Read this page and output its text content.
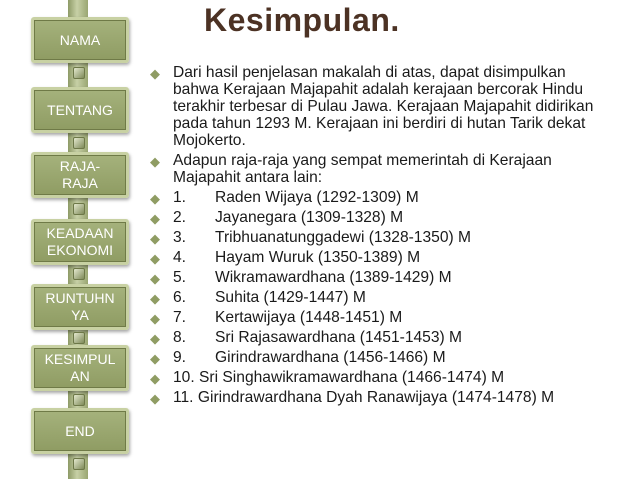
NAMA
TENTANG
RAJA-
RAJA
KEADAAN
EKONOMI
RUNTUHN
YA
KESIMPUL
AN
END
Kesimpulan.
◆ Dari hasil penjelasan makalah di atas, dapat disimpulkan bahwa Kerajaan Majapahit adalah kerajaan bercorak Hindu terakhir terbesar di Pulau Jawa. Kerajaan Majapahit didirikan pada tahun 1293 M. Kerajaan ini berdiri di hutan Tarik dekat Mojokerto.
◆ Adapun raja-raja yang sempat memerintah di Kerajaan Majapahit antara lain:
◆ 1. Raden Wijaya (1292-1309) M
◆ 2. Jayanegara (1309-1328) M
◆ 3. Tribhuanatunggadewi (1328-1350) M
◆ 4. Hayam Wuruk (1350-1389) M
◆ 5. Wikramawardhana (1389-1429) M
◆ 6. Suhita (1429-1447) M
◆ 7. Kertawijaya (1448-1451) M
◆ 8. Sri Rajasawardhana (1451-1453) M
◆ 9. Girindrawardhana (1456-1466) M
◆ 10. Sri Singhawikramawardhana (1466-1474) M
◆ 11. Girindrawardhana Dyah Ranawijaya (1474-1478) M
